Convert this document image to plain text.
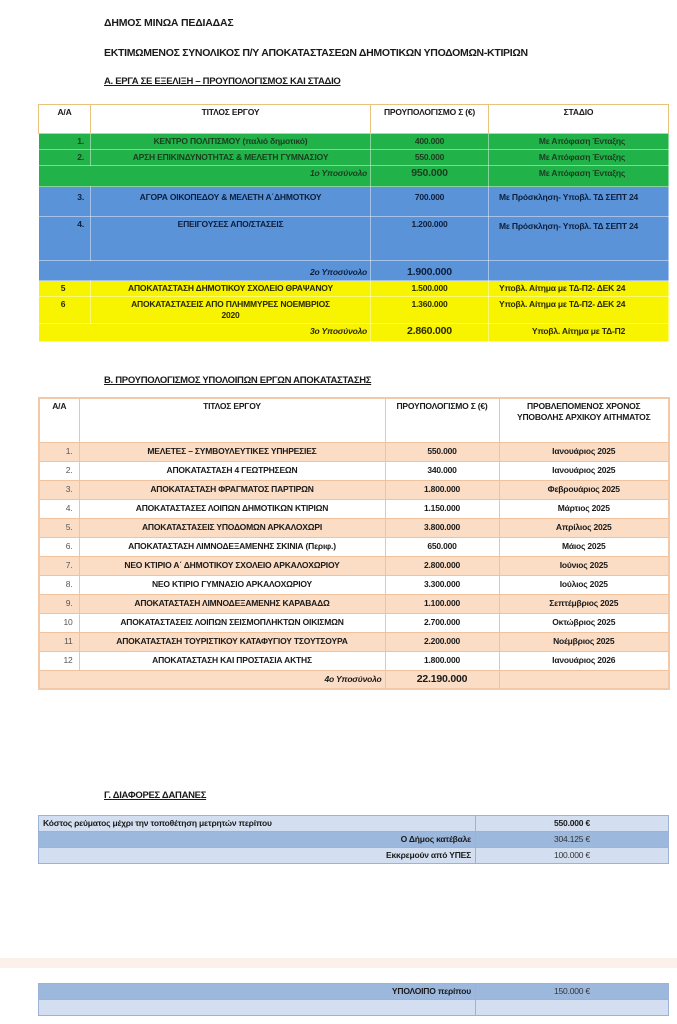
ΔΗΜΟΣ ΜΙΝΩΑ ΠΕΔΙΑΔΑΣ
ΕΚΤΙΜΩΜΕΝΟΣ ΣΥΝΟΛΙΚΟΣ Π/Υ ΑΠΟΚΑΤΑΣΤΑΣΕΩΝ ΔΗΜΟΤΙΚΩΝ ΥΠΟΔΟΜΩΝ-ΚΤΙΡΙΩΝ
Α. ΕΡΓΑ ΣΕ ΕΞΕΛΙΞΗ – ΠΡΟΥΠΟΛΟΓΙΣΜΟΣ ΚΑΙ ΣΤΑΔΙΟ
Α/Α	ΤΙΤΛΟΣ ΕΡΓΟΥ	ΠΡΟΥΠΟΛΟΓΙΣΜΟ Σ (€)	ΣΤΑΔΙΟ
1.	ΚΕΝΤΡΟ ΠΟΛΙΤΙΣΜΟΥ (παλιό δημοτικό)	400.000	Με Απόφαση Ένταξης
2.	ΑΡΣΗ ΕΠΙΚΙΝΔΥΝΟΤΗΤΑΣ & ΜΕΛΕΤΗ ΓΥΜΝΑΣΙΟΥ	550.000	Με Απόφαση Ένταξης
1ο Υποσύνολο		950.000	Με Απόφαση Ένταξης
3.	ΑΓΟΡΑ ΟΙΚΟΠΕΔΟΥ & ΜΕΛΕΤΗ Α΄ΔΗΜΟΤΚΟΥ	700.000	Με Πρόσκληση- Υποβλ. ΤΔ ΣΕΠΤ 24
4.	ΕΠΕΙΓΟΥΣΕΣ ΑΠΟ/ΣΤΑΣΕΙΣ	1.200.000	Με Πρόσκληση- Υποβλ. ΤΔ ΣΕΠΤ 24
2ο Υποσύνολο		1.900.000	
5	ΑΠΟΚΑΤΑΣΤΑΣΗ ΔΗΜΟΤΙΚΟΥ ΣΧΟΛΕΙΟ ΘΡΑΨΑΝΟΥ	1.500.000	Υποβλ. Αίτημα με ΤΔ-Π2- ΔΕΚ 24
6	ΑΠΟΚΑΤΑΣΤΑΣΕΙΣ ΑΠΟ ΠΛΗΜΜΥΡΕΣ ΝΟΕΜΒΡΙΟΣ 2020	1.360.000	Υποβλ. Αίτημα με ΤΔ-Π2- ΔΕΚ 24
3ο Υποσύνολο		2.860.000	Υποβλ. Αίτημα με ΤΔ-Π2
Β. ΠΡΟΥΠΟΛΟΓΙΣΜΟΣ ΥΠΟΛΟΙΠΩΝ ΕΡΓΩΝ ΑΠΟΚΑΤΑΣΤΑΣΗΣ
Α/Α	ΤΙΤΛΟΣ ΕΡΓΟΥ	ΠΡΟΥΠΟΛΟΓΙΣΜΟ Σ (€)	ΠΡΟΒΛΕΠΟΜΕΝΟΣ ΧΡΟΝΟΣ ΥΠΟΒΟΛΗΣ ΑΡΧΙΚΟΥ ΑΙΤΗΜΑΤΟΣ
1.	ΜΕΛΕΤΕΣ – ΣΥΜΒΟΥΛΕΥΤΙΚΕΣ ΥΠΗΡΕΣΙΕΣ	550.000	Ιανουάριος 2025
2.	ΑΠΟΚΑΤΑΣΤΑΣΗ 4 ΓΕΩΤΡΗΣΕΩΝ	340.000	Ιανουάριος 2025
3.	ΑΠΟΚΑΤΑΣΤΑΣΗ ΦΡΑΓΜΑΤΟΣ ΠΑΡΤΙΡΩΝ	1.800.000	Φεβρουάριος 2025
4.	ΑΠΟΚΑΤΑΣΤΑΣΕΣ ΛΟΙΠΩΝ ΔΗΜΟΤΙΚΩΝ ΚΤΙΡΙΩΝ	1.150.000	Μάρτιος 2025
5.	ΑΠΟΚΑΤΑΣΤΑΣΕΙΣ ΥΠΟΔΟΜΩΝ ΑΡΚΑΛΟΧΩΡΙ	3.800.000	Απρίλιος 2025
6.	ΑΠΟΚΑΤΑΣΤΑΣΗ ΛΙΜΝΟΔΕΞΑΜΕΝΗΣ ΣΚΙΝΙΑ (Περιφ.)	650.000	Μάιος 2025
7.	ΝΕΟ ΚΤΙΡΙΟ Α΄ ΔΗΜΟΤΙΚΟΥ ΣΧΟΛΕΙΟ ΑΡΚΑΛΟΧΩΡΙΟΥ	2.800.000	Ιούνιος 2025
8.	ΝΕΟ ΚΤΙΡΙΟ ΓΥΜΝΑΣΙΟ ΑΡΚΑΛΟΧΩΡΙΟΥ	3.300.000	Ιούλιος 2025
9.	ΑΠΟΚΑΤΑΣΤΑΣΗ ΛΙΜΝΟΔΕΞΑΜΕΝΗΣ ΚΑΡΑΒΑΔΩ	1.100.000	Σεπτέμβριος 2025
10	ΑΠΟΚΑΤΑΣΤΑΣΕΙΣ ΛΟΙΠΩΝ ΣΕΙΣΜΟΠΛΗΚΤΩΝ ΟΙΚΙΣΜΩΝ	2.700.000	Οκτώβριος 2025
11	ΑΠΟΚΑΤΑΣΤΑΣΗ ΤΟΥΡΙΣΤΙΚΟΥ ΚΑΤΑΦΥΓΙΟΥ ΤΣΟΥΤΣΟΥΡΑ	2.200.000	Νοέμβριος 2025
12	ΑΠΟΚΑΤΑΣΤΑΣΗ ΚΑΙ ΠΡΟΣΤΑΣΙΑ ΑΚΤΗΣ	1.800.000	Ιανουάριος 2026
4ο Υποσύνολο		22.190.000	
Γ. ΔΙΑΦΟΡΕΣ ΔΑΠΑΝΕΣ
Κόστος ρεύματος μέχρι την τοποθέτηση μετρητών περίπου	550.000 €
Ο Δήμος κατέβαλε	304.125 €
Εκκρεμούν από ΥΠΕΣ	100.000 €
ΥΠΟΛΟΙΠΟ περίπου	150.000 €
